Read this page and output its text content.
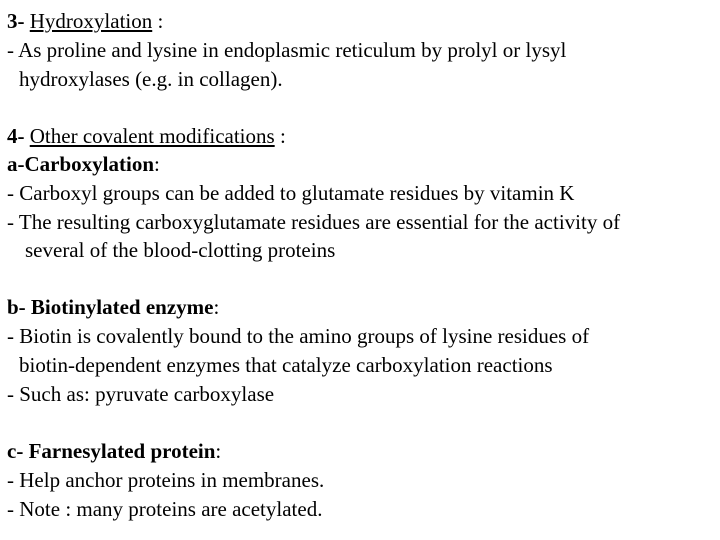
3- Hydroxylation :
- As proline and lysine in endoplasmic reticulum by prolyl or lysyl
hydroxylases (e.g. in collagen).
4- Other covalent modifications :
a-Carboxylation:
- Carboxyl groups can be added to glutamate residues by vitamin K
- The resulting carboxyglutamate residues are essential for the activity of
several of the blood-clotting proteins
b- Biotinylated enzyme:
- Biotin is covalently bound to the amino groups of lysine residues of
biotin-dependent enzymes that catalyze carboxylation reactions
- Such as: pyruvate carboxylase
c- Farnesylated protein:
- Help anchor proteins in membranes.
- Note : many proteins are acetylated.
